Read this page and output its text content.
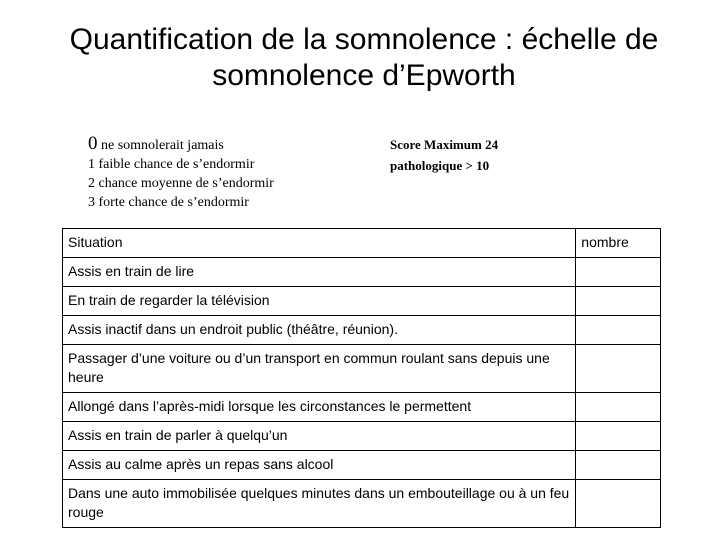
Quantification de la somnolence : échelle de
somnolence d’Epworth
0 ne somnolerait jamais
1 faible chance de s’endormir
2 chance moyenne de s’endormir
3 forte chance de s’endormir
Score Maximum 24
pathologique > 10
Situation	nombre
Assis en train de lire	
En train de regarder la télévision	
Assis inactif dans un endroit public (théâtre, réunion).	
Passager d’une voiture ou d’un transport en commun roulant sans depuis une heure	
Allongé dans l’après-midi lorsque les circonstances le permettent	
Assis en train de parler à quelqu’un	
Assis au calme après un repas sans alcool	
Dans une auto immobilisée quelques minutes dans un embouteillage ou à un feu rouge	
